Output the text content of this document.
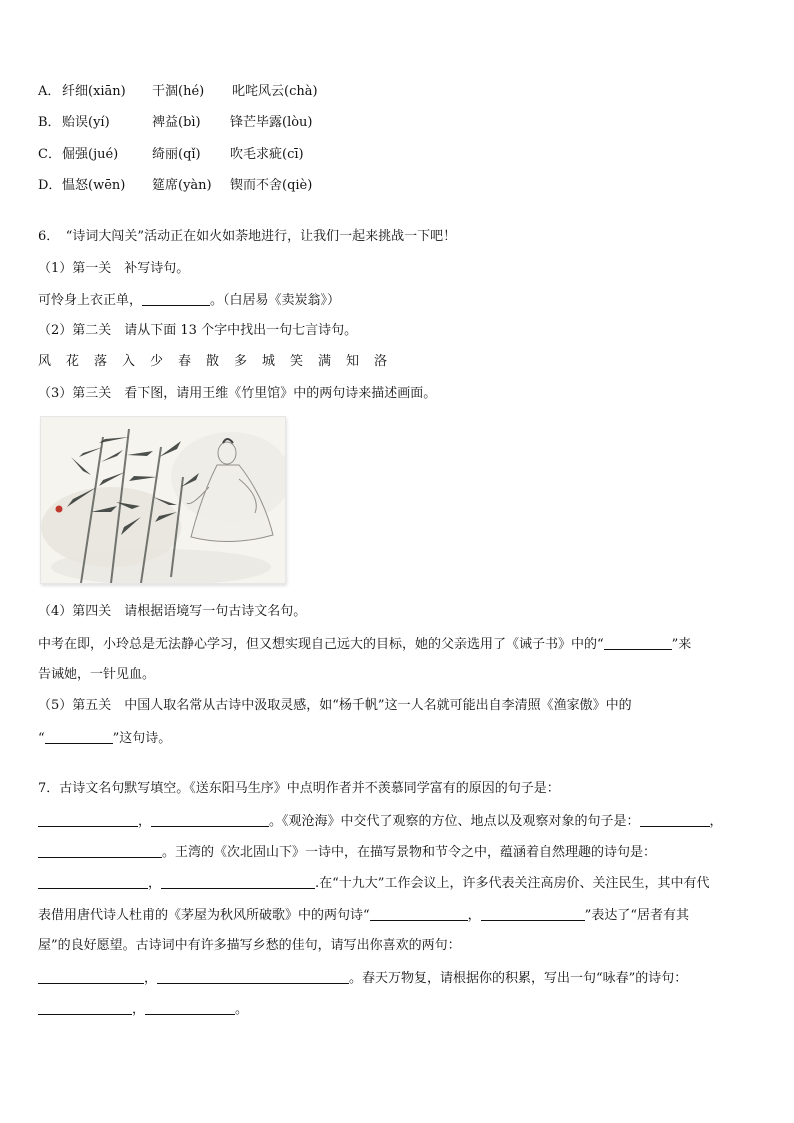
A． 纤细(xiān) 干涸(hé) 叱咤风云(chà)
B．贻误(yí)	裨益(bì) 锋芒毕露(lòu)
C．倔强(jué)	绮丽(qǐ) 吹毛求疵(cī)
D．愠怒(wēn) 筵席(yàn) 锲而不舍(qiè)
6．　“诗词大闯关”活动正在如火如荼地进行，让我们一起来挑战一下吧！
（1）第一关　补写诗句。
可怜身上衣正单，	。（白居易《卖炭翁》）
（2）第二关　请从下面 13 个字中找出一句七言诗句。
风 花 落 入 少 春 散 多 城 笑 满 知 洛
（3）第三关　看下图，请用王维《竹里馆》中的两句诗来描述画面。
（4）第四关　请根据语境写一句古诗文名句。
中考在即，小玲总是无法静心学习，但又想实现自己远大的目标，她的父亲选用了《诫子书》中的“	”来
告诫她，一针见血。
（5）第五关　中国人取名常从古诗中汲取灵感，如“杨千帆”这一人名就可能出自李清照《渔家傲》中的
“	”这句诗。
7．古诗文名句默写填空。《送东阳马生序》中点明作者并不羡慕同学富有的原因的句子是：
，	。《观沧海》中交代了观察的方位、地点以及观察对象的句子是：	，
。王湾的《次北固山下》一诗中，在描写景物和节令之中，蕴涵着自然理趣的诗句是：
，	.在“十九大”工作会议上，许多代表关注高房价、关注民生，其中有代
表借用唐代诗人杜甫的《茅屋为秋风所破歌》中的两句诗“	，	”表达了“居者有其
屋”的良好愿望。古诗词中有许多描写乡愁的佳句，请写出你喜欢的两句：
，	。春天万物复，请根据你的积累，写出一句“咏春”的诗句：
，	。
